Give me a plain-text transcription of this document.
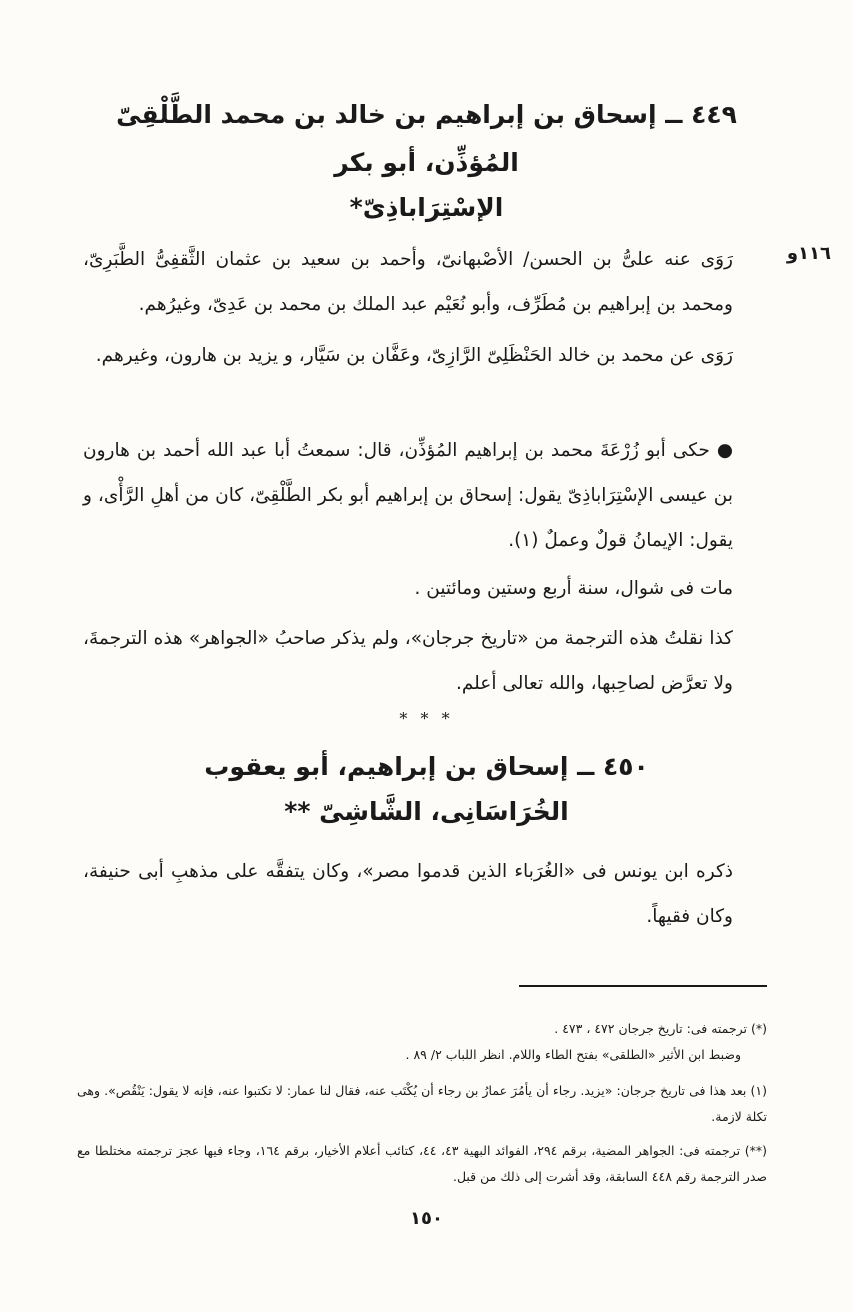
٤٤٩ ــ إسحاق بن إبراهيم بن خالد بن محمد الطَّلْقِىّ
المُؤذِّن، أبو بكر
الإسْتِرَاباذِىّ*
١١٦و
رَوَى عنه علىُّ بن الحسن/ الأصْبهانىّ، وأحمد بن سعيد بن عثمان الثَّقفِىُّ الطَّبَرِىّ، ومحمد بن إبراهيم بن مُطَرِّف، وأبو نُعَيْم عبد الملك بن محمد بن عَدِىّ، وغيرُهم.
رَوَى عن محمد بن خالد الحَنْظَلِىّ الرَّازِىّ، وعَفَّان بن سَيَّار، و يزيد بن هارون، وغيرهم.
● حكى أبو زُرْعَةَ محمد بن إبراهيم المُؤذِّن، قال: سمعتُ أبا عبد الله أحمد بن هارون بن عيسى الإسْتِرَاباذِىّ يقول: إسحاق بن إبراهيم أبو بكر الطَّلْقِىّ، كان من أهلِ الرَّأْى، و يقول: الإيمانُ قولٌ وعملٌ (١).
مات فى شوال، سنة أربع وستين ومائتين .
كذا نقلتُ هذه الترجمة من «تاريخ جرجان»، ولم يذكر صاحبُ «الجواهر» هذه الترجمةَ، ولا تعرَّض لصاحِبها، والله تعالى أعلم.
* * *
٤٥٠ ــ إسحاق بن إبراهيم، أبو يعقوب
الخُرَاسَانِى، الشَّاشِىّ **
ذكره ابن يونس فى «الغُرَباء الذين قدموا مصر»، وكان يتفقَّه على مذهبِ أبى حنيفة، وكان فقيهاً.
(*) ترجمته فى: تاريخ جرجان ٤٧٢ ، ٤٧٣ .
وضبط ابن الأثير «الطلقى» بفتح الطاء واللام. انظر اللباب ٢/ ٨٩ .
(١) بعد هذا فى تاريخ جرجان: «يزيد. رجاء أن يأمُرَ عمارُ بن رجاء أن يُكْتَب عنه، فقال لنا عمار: لا تكتبوا عنه، فإنه لا يقول: يَنْقُص». وهى تكلة لازمة.
(**) ترجمته فى: الجواهر المضية، برقم ٢٩٤، الفوائد البهية ٤٣، ٤٤، كتائب أعلام الأخيار، برقم ١٦٤، وجاء فيها عجز ترجمته مختلطا مع صدر الترجمة رقم ٤٤٨ السابقة، وقد أشرت إلى ذلك من قبل.
١٥٠
